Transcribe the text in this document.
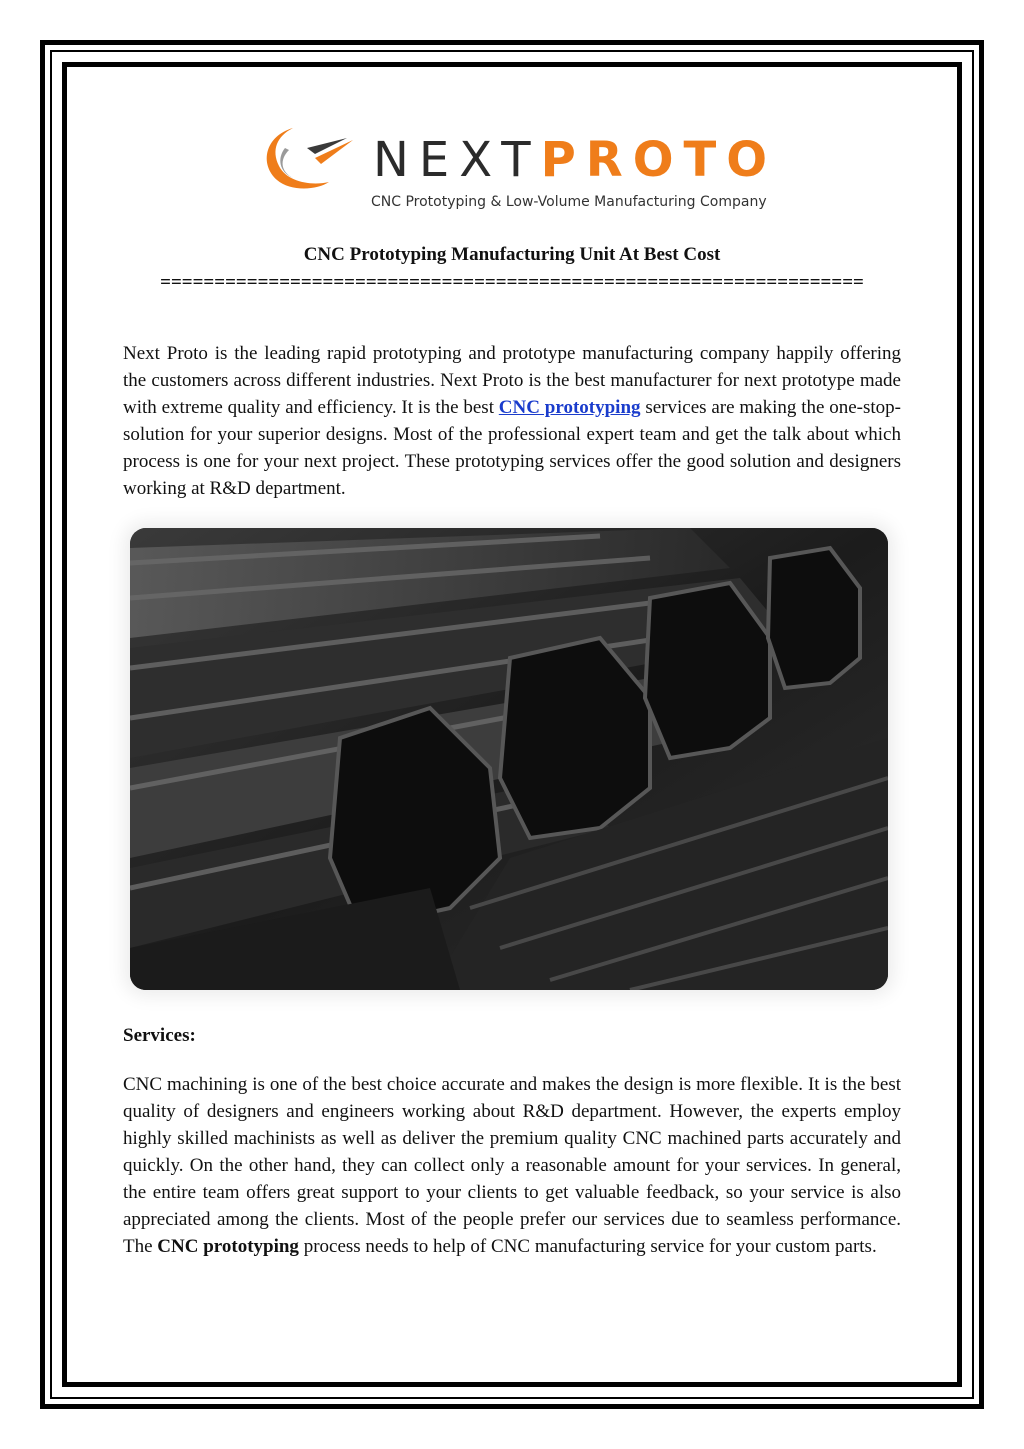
NEXTPROTO
CNC Prototyping & Low-Volume Manufacturing Company
CNC Prototyping Manufacturing Unit At Best Cost
=================================================================

Next Proto is the leading rapid prototyping and prototype manufacturing company happily offering the customers across different industries. Next Proto is the best manufacturer for next prototype made with extreme quality and efficiency. It is the best CNC prototyping services are making the one-stop-solution for your superior designs. Most of the professional expert team and get the talk about which process is one for your next project. These prototyping services offer the good solution and designers working at R&D department.

Services:

CNC machining is one of the best choice accurate and makes the design is more flexible. It is the best quality of designers and engineers working about R&D department. However, the experts employ highly skilled machinists as well as deliver the premium quality CNC machined parts accurately and quickly. On the other hand, they can collect only a reasonable amount for your services. In general, the entire team offers great support to your clients to get valuable feedback, so your service is also appreciated among the clients. Most of the people prefer our services due to seamless performance. The CNC prototyping process needs to help of CNC manufacturing service for your custom parts.
